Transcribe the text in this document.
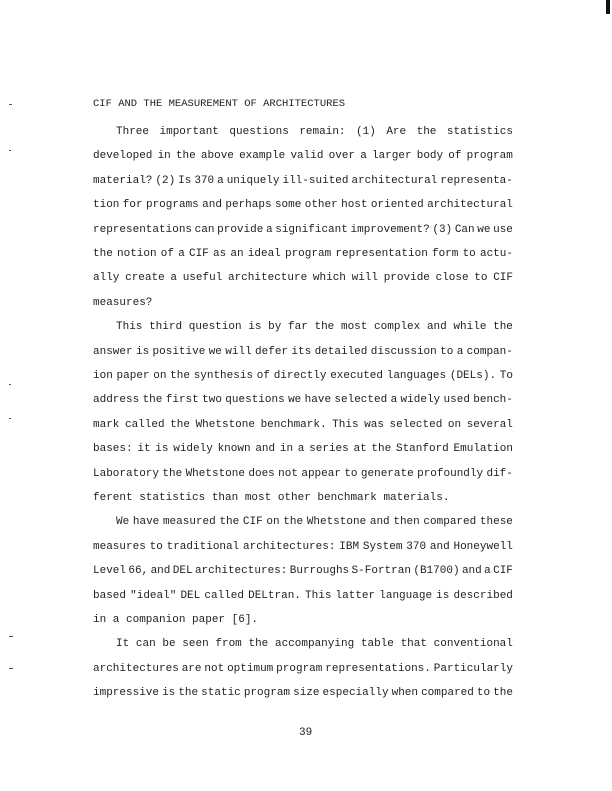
CIF AND THE MEASUREMENT OF ARCHITECTURES
Three important questions remain: (1) Are the statistics
developed in the above example valid over a larger body of program
material? (2) Is 370 a uniquely ill-suited architectural representa-
tion for programs and perhaps some other host oriented architectural
representations can provide a significant improvement? (3) Can we use
the notion of a CIF as an ideal program representation form to actu-
ally create a useful architecture which will provide close to CIF
measures?
This third question is by far the most complex and while the
answer is positive we will defer its detailed discussion to a compan-
ion paper on the synthesis of directly executed languages (DELs). To
address the first two questions we have selected a widely used bench-
mark called the Whetstone benchmark. This was selected on several
bases: it is widely known and in a series at the Stanford Emulation
Laboratory the Whetstone does not appear to generate profoundly dif-
ferent statistics than most other benchmark materials.
We have measured the CIF on the Whetstone and then compared these
measures to traditional architectures: IBM System 370 and Honeywell
Level 66, and DEL architectures: Burroughs S-Fortran (B1700) and a CIF
based "ideal" DEL called DELtran. This latter language is described
in a companion paper [6].
It can be seen from the accompanying table that conventional
architectures are not optimum program representations. Particularly
impressive is the static program size especially when compared to the
39
